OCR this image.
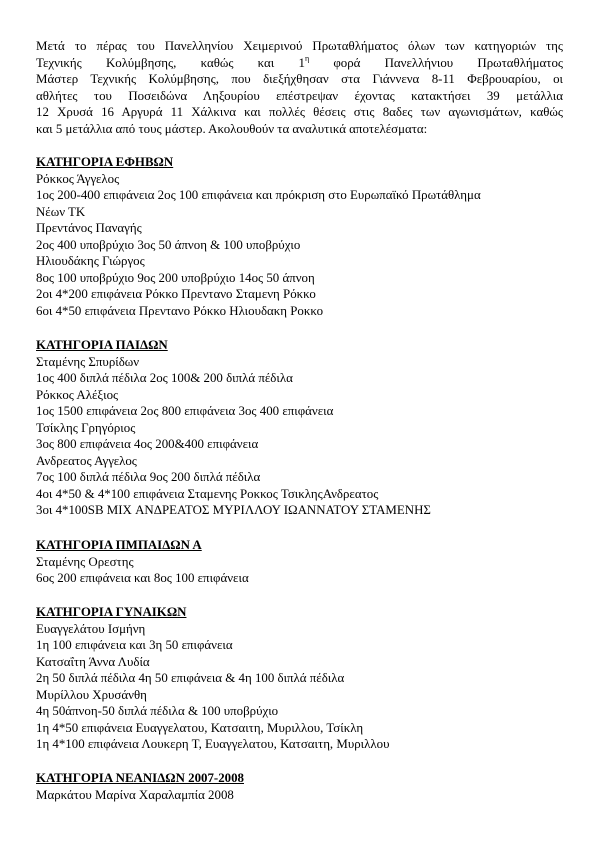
Μετά το πέρας του Πανελληνίου Χειμερινού Πρωταθλήματος όλων των κατηγοριών της
Τεχνικής Κολύμβησης, καθώς και $1^\eta$ φορά Πανελλήνιου Πρωταθλήματος
Μάστερ Τεχνικής Κολύμβησης, που διεξήχθησαν στα Γιάννενα 8-11 Φεβρουαρίου, οι
αθλήτες του Ποσειδώνα Ληξουρίου επέστρεψαν έχοντας κατακτήσει 39 μετάλλια
12 Χρυσά 16 Αργυρά 11 Χάλκινα και πολλές θέσεις στις 8αδες των αγωνισμάτων, καθώς
και 5 μετάλλια από τους μάστερ. Ακολουθούν τα αναλυτικά αποτελέσματα:
ΚΑΤΗΓΟΡΙΑ ΕΦΗΒΩΝ
Ρόκκος Άγγελος
1ος 200-400 επιφάνεια 2ος 100 επιφάνεια και πρόκριση στο Ευρωπαϊκό Πρωτάθλημα
Νέων ΤΚ
Πρεντάνος Παναγής
2ος 400 υποβρύχιο 3ος 50 άπνοη & 100 υποβρύχιο
Ηλιουδάκης Γιώργος
8ος 100 υποβρύχιο 9ος 200 υποβρύχιο 14ος 50 άπνοη
2οι 4*200 επιφάνεια Ρόκκο Πρεντανο Σταμενη Ρόκκο
6οι 4*50 επιφάνεια Πρεντανο Ρόκκο Ηλιουδακη Ροκκο
ΚΑΤΗΓΟΡΙΑ ΠΑΙΔΩΝ
Σταμένης Σπυρίδων
1ος 400 διπλά πέδιλα 2ος 100& 200 διπλά πέδιλα
Ρόκκος Αλέξιος
1ος 1500 επιφάνεια 2ος 800 επιφάνεια 3ος 400 επιφάνεια
Τσίκλης Γρηγόριος
3ος 800 επιφάνεια 4ος 200&400 επιφάνεια
Ανδρεατος Αγγελος
7ος 100 διπλά πέδιλα 9ος 200 διπλά πέδιλα
4οι 4*50 & 4*100 επιφάνεια Σταμενης Ροκκος ΤσικληςΑνδρεατος
3οι 4*100SB MIX ΑΝΔΡΕΑΤΟΣ ΜΥΡΙΛΛΟΥ ΙΩΑΝΝΑΤΟΥ ΣΤΑΜΕΝΗΣ
ΚΑΤΗΓΟΡΙΑ ΠΜΠΑΙΔΩΝ Α
Σταμένης Ορεστης
6ος 200 επιφάνεια και 8ος 100 επιφάνεια
ΚΑΤΗΓΟΡΙΑ ΓΥΝΑΙΚΩΝ
Ευαγγελάτου Ισμήνη
1η 100 επιφάνεια και 3η 50 επιφάνεια
Κατσαΐτη Άννα Λυδία
2η 50 διπλά πέδιλα 4η 50 επιφάνεια & 4η 100 διπλά πέδιλα
Μυρίλλου Χρυσάνθη
4η 50άπνοη-50 διπλά πέδιλα & 100 υποβρύχιο
1η 4*50 επιφάνεια Ευαγγελατου, Κατσαιτη, Μυριλλου, Τσίκλη
1η 4*100 επιφάνεια Λουκερη Τ, Ευαγγελατου, Κατσαιτη, Μυριλλου
ΚΑΤΗΓΟΡΙΑ ΝΕΑΝΙΔΩΝ 2007-2008
Μαρκάτου Μαρίνα Χαραλαμπία 2008
